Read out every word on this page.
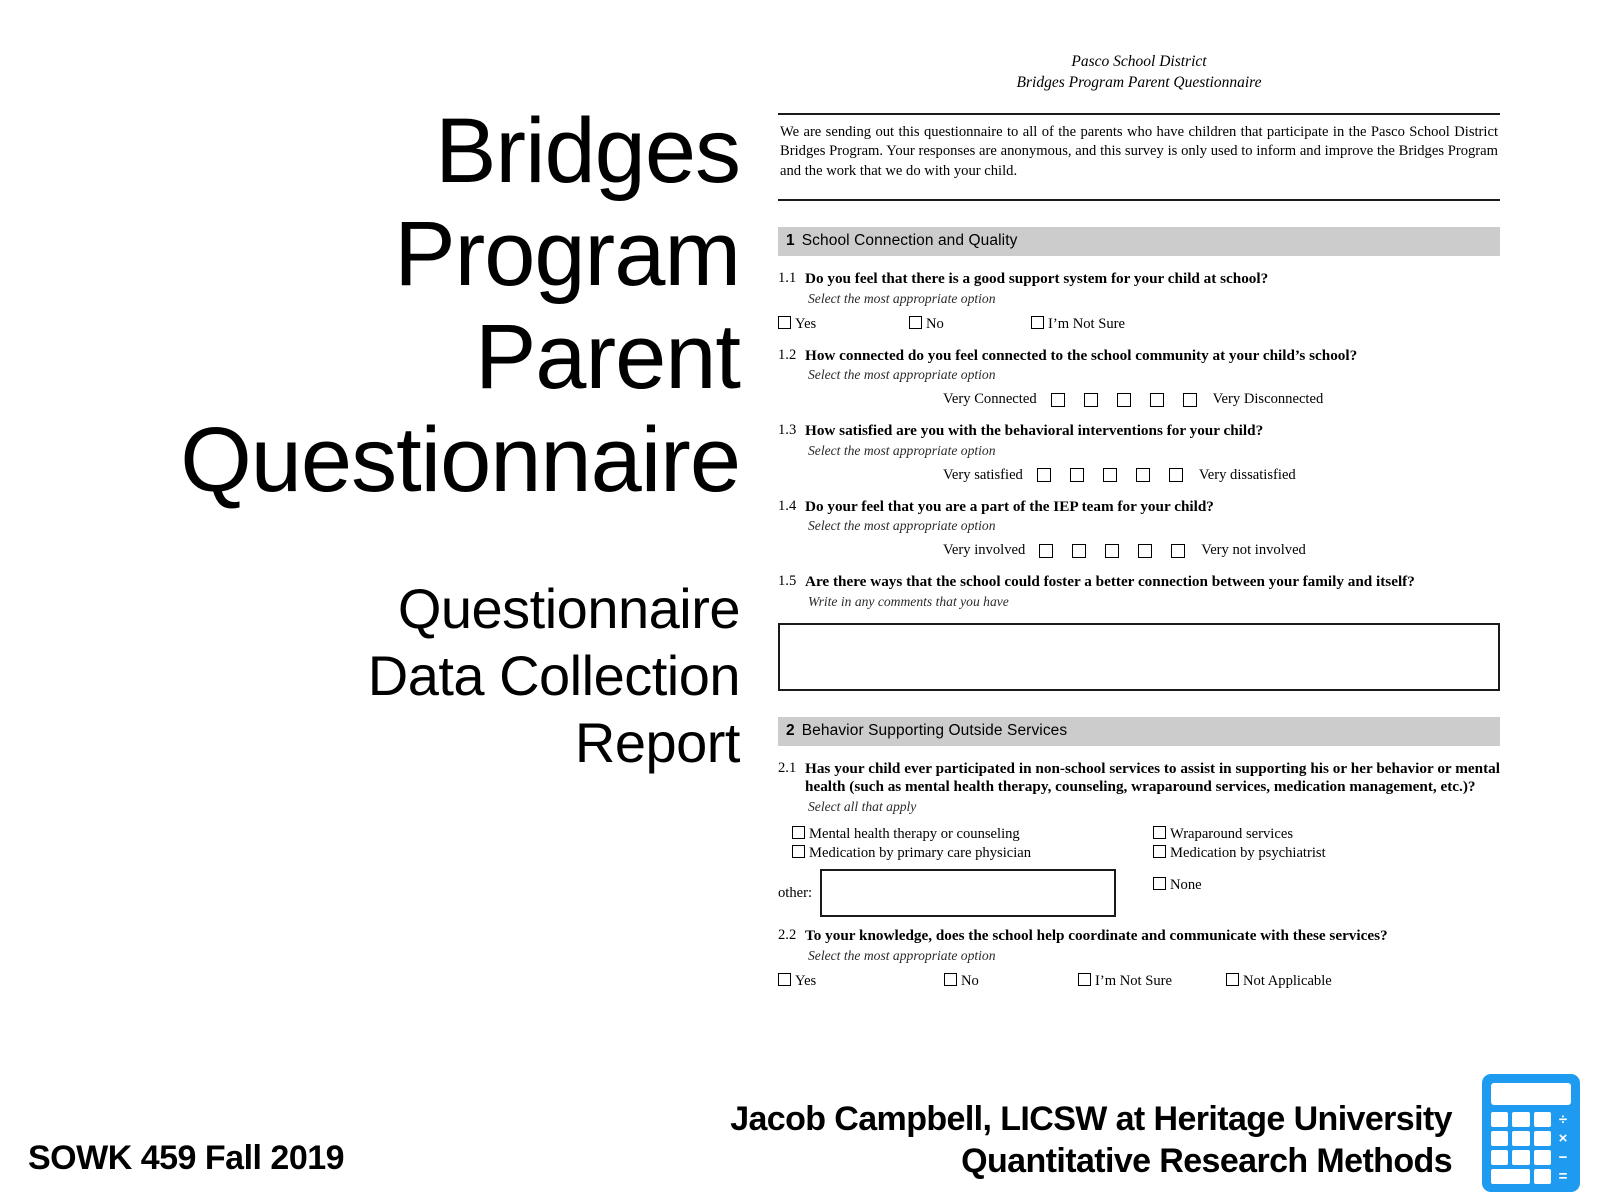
Bridges
Program
Parent
Questionnaire
Questionnaire
Data Collection
Report
Pasco School District
Bridges Program Parent Questionnaire

We are sending out this questionnaire to all of the parents who have children that participate in the Pasco School District Bridges Program. Your responses are anonymous, and this survey is only used to inform and improve the Bridges Program and the work that we do with your child.

1 School Connection and Quality
1.1 Do you feel that there is a good support system for your child at school?
Select the most appropriate option
Yes	No	I’m Not Sure
1.2 How connected do you feel connected to the school community at your child’s school?
Select the most appropriate option
Very Connected	Very Disconnected
1.3 How satisfied are you with the behavioral interventions for your child?
Select the most appropriate option
Very satisfied	Very dissatisfied
1.4 Do your feel that you are a part of the IEP team for your child?
Select the most appropriate option
Very involved	Very not involved
1.5 Are there ways that the school could foster a better connection between your family and itself?
Write in any comments that you have
2 Behavior Supporting Outside Services
2.1 Has your child ever participated in non-school services to assist in supporting his or her behavior or mental health (such as mental health therapy, counseling, wraparound services, medication management, etc.)?
Select all that apply
Mental health therapy or counseling
Medication by primary care physician
Wraparound services
Medication by psychiatrist
other:	None
2.2 To your knowledge, does the school help coordinate and communicate with these services?
Select the most appropriate option
Yes	No	I’m Not Sure	Not Applicable
SOWK 459 Fall 2019
Jacob Campbell, LICSW at Heritage University
Quantitative Research Methods
÷
×
−
=
